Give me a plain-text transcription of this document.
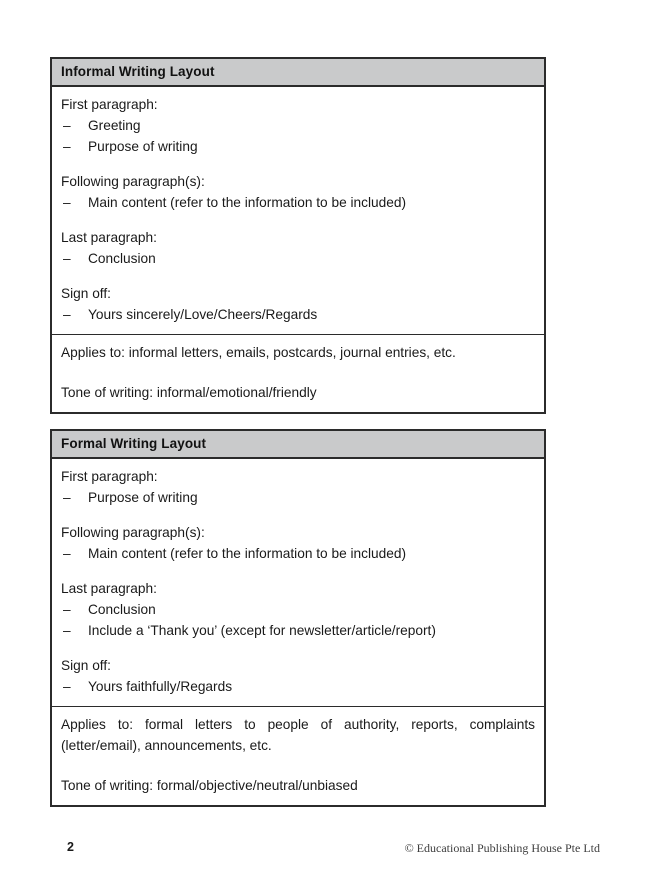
Informal Writing Layout
First paragraph:
– Greeting
– Purpose of writing
Following paragraph(s):
– Main content (refer to the information to be included)
Last paragraph:
– Conclusion
Sign off:
– Yours sincerely/Love/Cheers/Regards
Applies to: informal letters, emails, postcards, journal entries, etc.
Tone of writing: informal/emotional/friendly
Formal Writing Layout
First paragraph:
– Purpose of writing
Following paragraph(s):
– Main content (refer to the information to be included)
Last paragraph:
– Conclusion
– Include a ‘Thank you’ (except for newsletter/article/report)
Sign off:
– Yours faithfully/Regards
Applies to: formal letters to people of authority, reports, complaints (letter/email), announcements, etc.
Tone of writing: formal/objective/neutral/unbiased
2	© Educational Publishing House Pte Ltd
